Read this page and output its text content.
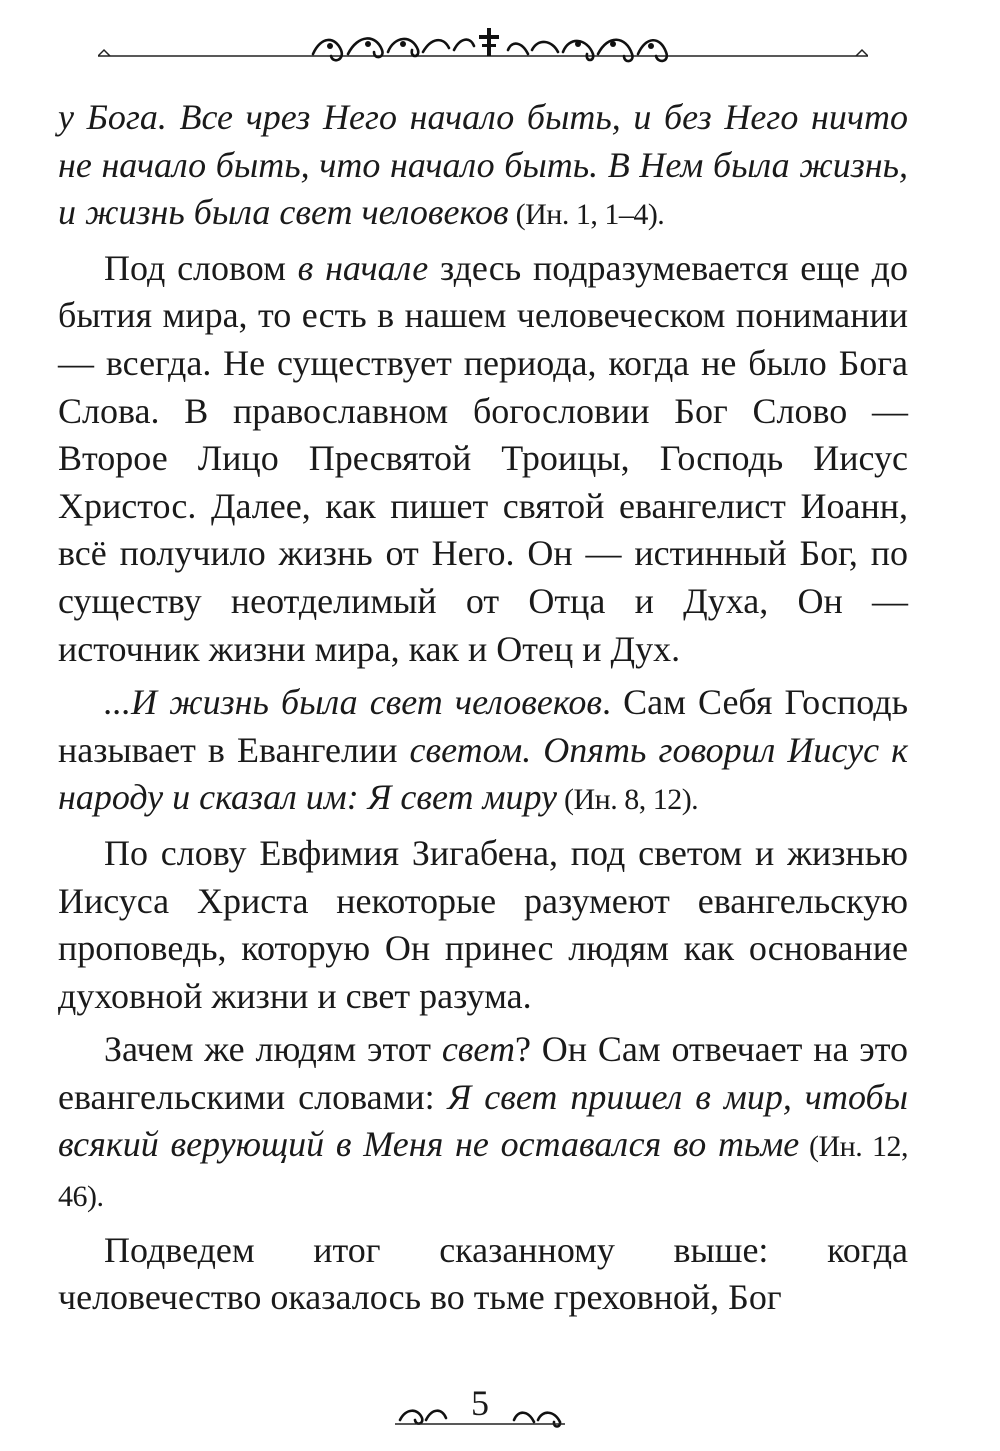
у Бога. Все чрез Него начало быть, и без Него ничто не начало быть, что начало быть. В Нем была жизнь, и жизнь была свет человеков (Ин. 1, 1–4).

Под словом в начале здесь подразумевается еще до бытия мира, то есть в нашем человеческом понимании — всегда. Не существует периода, когда не было Бога Слова. В православном богословии Бог Слово — Второе Лицо Пресвятой Троицы, Господь Иисус Христос. Далее, как пишет святой евангелист Иоанн, всё получило жизнь от Него. Он — истинный Бог, по существу неотделимый от Отца и Духа, Он — источник жизни мира, как и Отец и Дух.

...И жизнь была свет человеков. Сам Себя Господь называет в Евангелии светом. Опять говорил Иисус к народу и сказал им: Я свет миру (Ин. 8, 12).

По слову Евфимия Зигабена, под светом и жизнью Иисуса Христа некоторые разумеют евангельскую проповедь, которую Он принес людям как основание духовной жизни и свет разума.

Зачем же людям этот свет? Он Сам отвечает на это евангельскими словами: Я свет пришел в мир, чтобы всякий верующий в Меня не оставался во тьме (Ин. 12, 46).

Подведем итог сказанному выше: когда человечество оказалось во тьме греховной, Бог

5
